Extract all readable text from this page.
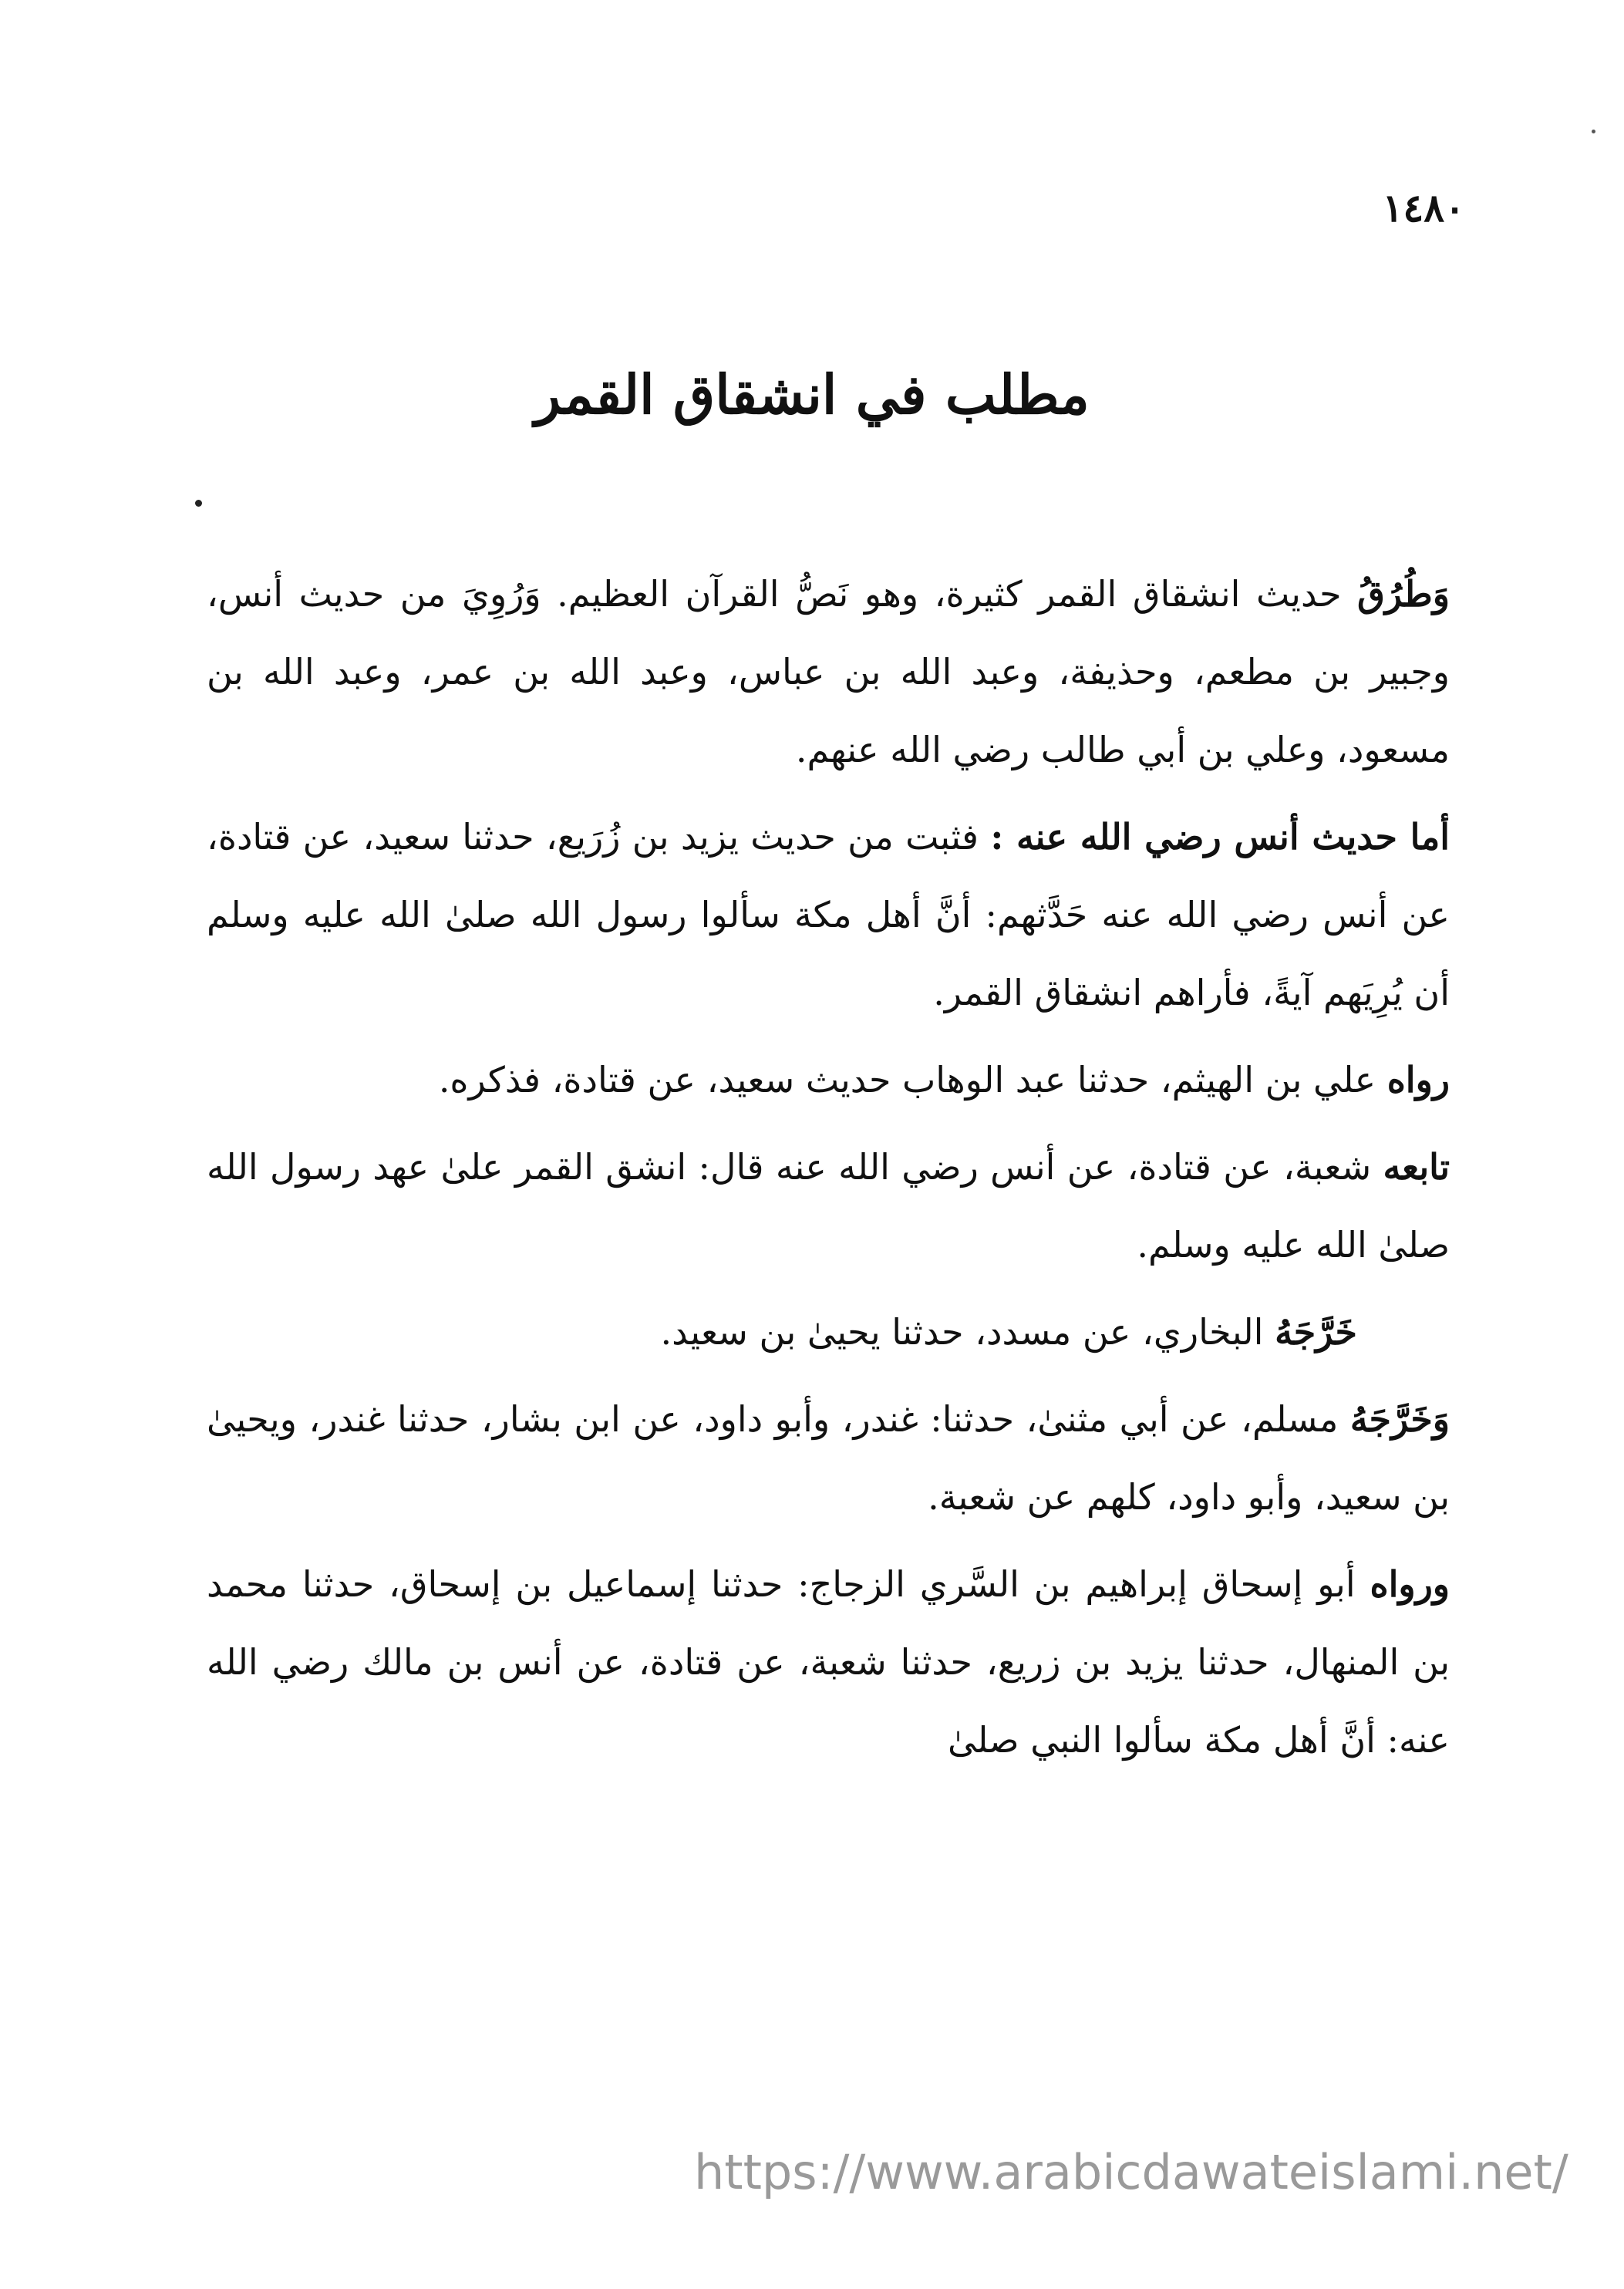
١٤٨٠
مطلب في انشقاق القمر

وَطُرُقُ حديث انشقاق القمر كثيرة، وهو نَصُّ القرآن العظيم. وَرُوِيَ من حديث أنس، وجبير بن مطعم، وحذيفة، وعبد الله بن عباس، وعبد الله بن عمر، وعبد الله بن مسعود، وعلي بن أبي طالب رضي الله عنهم.

أما حديث أنس رضي الله عنه : فثبت من حديث يزيد بن زُرَيع، حدثنا سعيد، عن قتادة، عن أنس رضي الله عنه حَدَّثهم: أنَّ أهل مكة سألوا رسول الله صلىٰ الله عليه وسلم أن يُرِيَهم آيةً، فأراهم انشقاق القمر.

رواه علي بن الهيثم، حدثنا عبد الوهاب حديث سعيد، عن قتادة، فذكره.

تابعه شعبة، عن قتادة، عن أنس رضي الله عنه قال: انشق القمر علىٰ عهد رسول الله صلىٰ الله عليه وسلم.

خَرَّجَهُ البخاري، عن مسدد، حدثنا يحيىٰ بن سعيد.

وَخَرَّجَهُ مسلم، عن أبي مثنىٰ، حدثنا: غندر، وأبو داود، عن ابن بشار، حدثنا غندر، ويحيىٰ بن سعيد، وأبو داود، كلهم عن شعبة.

ورواه أبو إسحاق إبراهيم بن السَّري الزجاج: حدثنا إسماعيل بن إسحاق، حدثنا محمد بن المنهال، حدثنا يزيد بن زريع، حدثنا شعبة، عن قتادة، عن أنس بن مالك رضي الله عنه: أنَّ أهل مكة سألوا النبي صلىٰ

https://www.arabicdawateislami.net/
